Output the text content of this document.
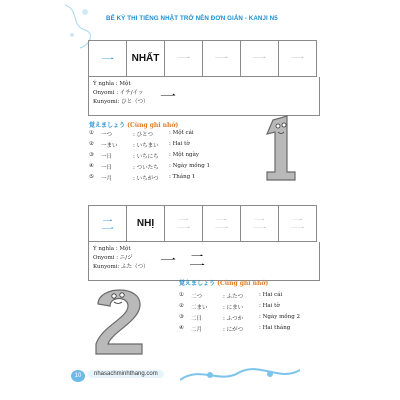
BỂ KỲ THI TIẾNG NHẬT TRỞ NÊN ĐƠN GIẢN - KANJI N5
一	NHẤT	一	一	一	一
Ý nghĩa : Một
Onyomi : イチ/イッ
Kunyomi: ひと（つ） 一
覚えましょう (Cùng ghi nhớ)
① 一つ	: ひとつ	: Một cái
② 一まい	: いちまい : Hai tờ
③ 一日	: いちにち : Một ngày
④ 一日	: ついたち : Ngày mồng 1
⑤ 一月	: いちがつ : Tháng 1
二	NHỊ	二	二	二	二
Ý nghĩa : Một
Onyomi : ニ/ジ
Kunyomi: ふた（つ） 一 二
覚えましょう (Cùng ghi nhớ)
① 二つ	: ふたつ	: Hai cái
② 二まい	: にまい	: Hai tờ
③ 二日	: ふつか	: Ngày mồng 2
④ 二月	: にがつ	: Hai tháng
10	nhasachminhthang.com
